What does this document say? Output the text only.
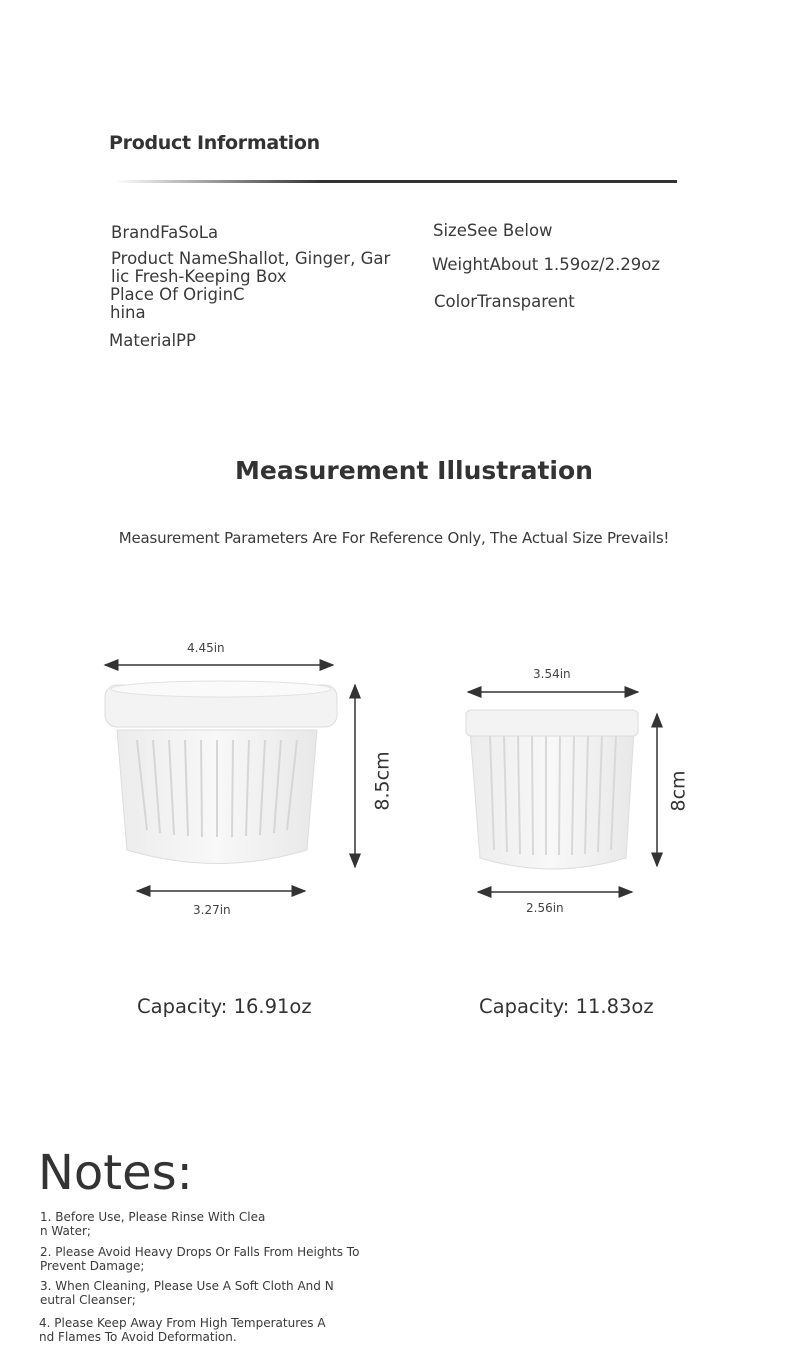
Product Information
BrandFaSoLa
Product NameShallot, Ginger, Gar
lic Fresh-Keeping Box
Place Of OriginC
hina
MaterialPP
SizeSee Below
WeightAbout 1.59oz/2.29oz
ColorTransparent
Measurement Illustration
Measurement Parameters Are For Reference Only, The Actual Size Prevails!
4.45in
8.5cm
3.27in
3.54in
8cm
2.56in
Capacity: 16.91oz	Capacity: 11.83oz
Notes:
1. Before Use, Please Rinse With Clea
n Water;
2. Please Avoid Heavy Drops Or Falls From Heights To
Prevent Damage;
3. When Cleaning, Please Use A Soft Cloth And N
eutral Cleanser;
4. Please Keep Away From High Temperatures A
nd Flames To Avoid Deformation.
